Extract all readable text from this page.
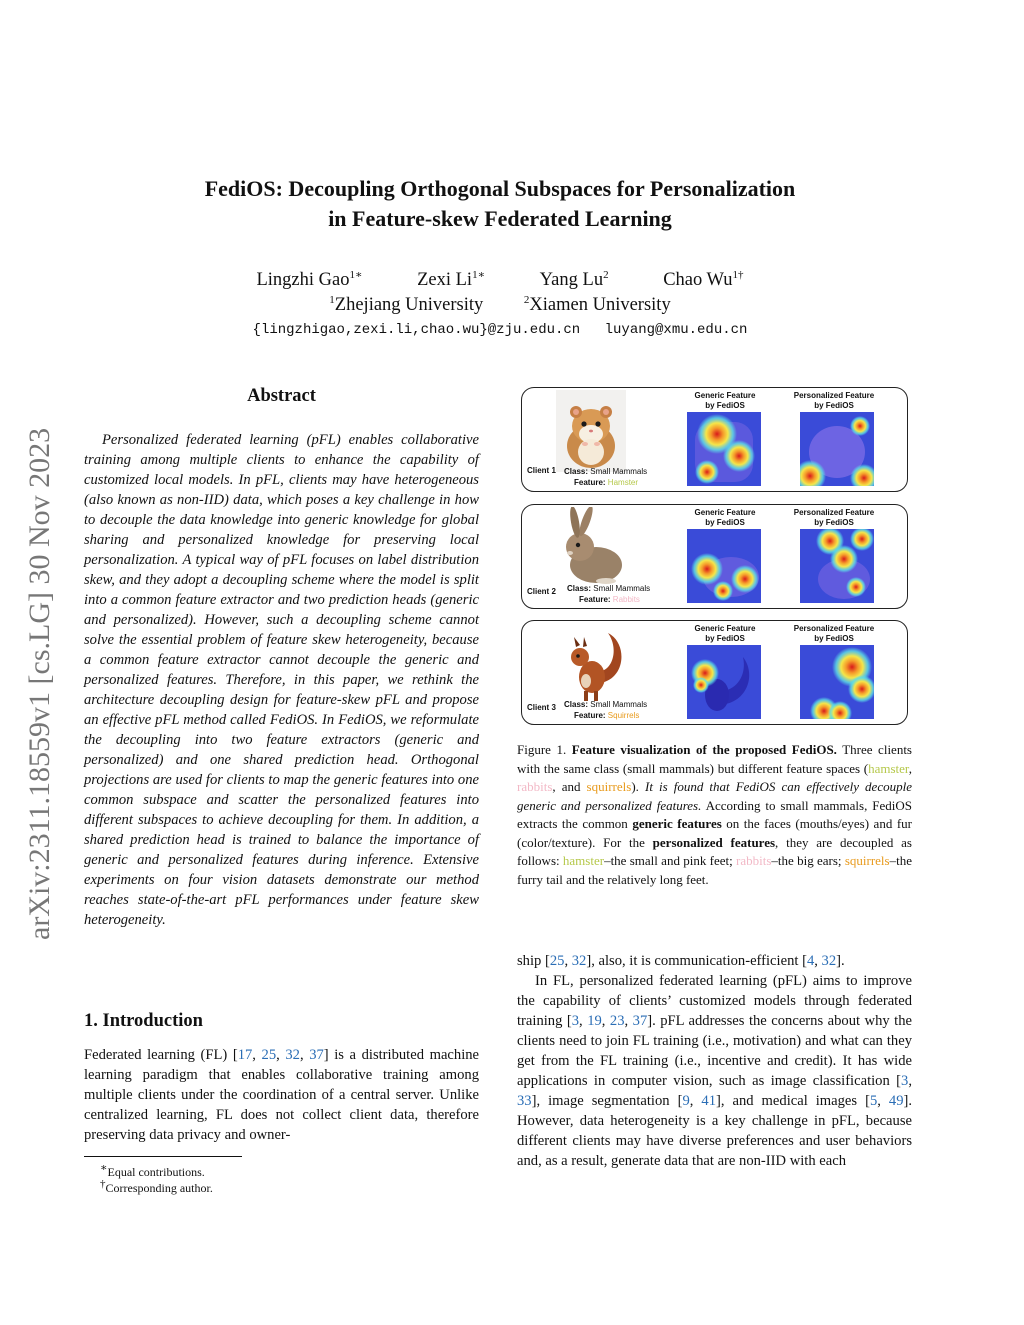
arXiv:2311.18559v1 [cs.LG] 30 Nov 2023
FediOS: Decoupling Orthogonal Subspaces for Personalization
in Feature-skew Federated Learning
Lingzhi Gao$^{1∗}$	Zexi $Li^{1∗}$	Yang Lu$^2$	Chao $Wu^{1\dagger}$
$^1$Zhejiang University	$^2$Xiamen University
{lingzhigao,zexi.li,chao.wu}@zju.edu.cn luyang@xmu.edu.cn
Abstract
Personalized federated learning (pFL) enables collaborative training among multiple clients to enhance the capability of customized local models. In pFL, clients may have heterogeneous (also known as non-IID) data, which poses a key challenge in how to decouple the data knowledge into generic knowledge for global sharing and personalized knowledge for preserving local personalization. A typical way of pFL focuses on label distribution skew, and they adopt a decoupling scheme where the model is split into a common feature extractor and two prediction heads (generic and personalized). However, such a decoupling scheme cannot solve the essential problem of feature skew heterogeneity, because a common feature extractor cannot decouple the generic and personalized features. Therefore, in this paper, we rethink the architecture decoupling design for feature-skew pFL and propose an effective pFL method called FediOS. In FediOS, we reformulate the decoupling into two feature extractors (generic and personalized) and one shared prediction head. Orthogonal projections are used for clients to map the generic features into one common subspace and scatter the personalized features into different subspaces to achieve decoupling for them. In addition, a shared prediction head is trained to balance the importance of generic and personalized features during inference. Extensive experiments on four vision datasets demonstrate our method reaches state-of-the-art pFL performances under feature skew heterogeneity.
1. Introduction
Federated learning (FL) [17, 25, 32, 37] is a distributed machine learning paradigm that enables collaborative training among multiple clients under the coordination of a central server. Unlike centralized learning, FL does not collect client data, therefore preserving data privacy and owner-
∗Equal contributions.
†Corresponding author.
Generic Feature
by FediOS
Personalized Feature
by FediOS
Client 1 Class: Small Mammals
Feature: Hamster
Generic Feature
by FediOS
Personalized Feature
by FediOS
Client 2 Class: Small Mammals
Feature: Rabbits
Generic Feature
by FediOS
Personalized Feature
by FediOS
Client 3 Class: Small Mammals
Feature: Squirrels
Figure 1. Feature visualization of the proposed FediOS. Three clients with the same class (small mammals) but different feature spaces (hamster, rabbits, and squirrels). It is found that FediOS can effectively decouple generic and personalized features. According to small mammals, FediOS extracts the common generic features on the faces (mouths/eyes) and fur (color/texture). For the personalized features, they are decoupled as follows: hamster–the small and pink feet; rabbits–the big ears; squirrels–the furry tail and the relatively long feet.

ship [25, 32], also, it is communication-efficient [4, 32].

In FL, personalized federated learning (pFL) aims to improve the capability of clients’ customized models through federated training [3, 19, 23, 37]. pFL addresses the concerns about why the clients need to join FL training (i.e., motivation) and what can they get from the FL training (i.e., incentive and credit). It has wide applications in computer vision, such as image classification [3, 33], image segmentation [9, 41], and medical images [5, 49]. However, data heterogeneity is a key challenge in pFL, because different clients may have diverse preferences and user behaviors and, as a result, generate data that are non-IID with each
